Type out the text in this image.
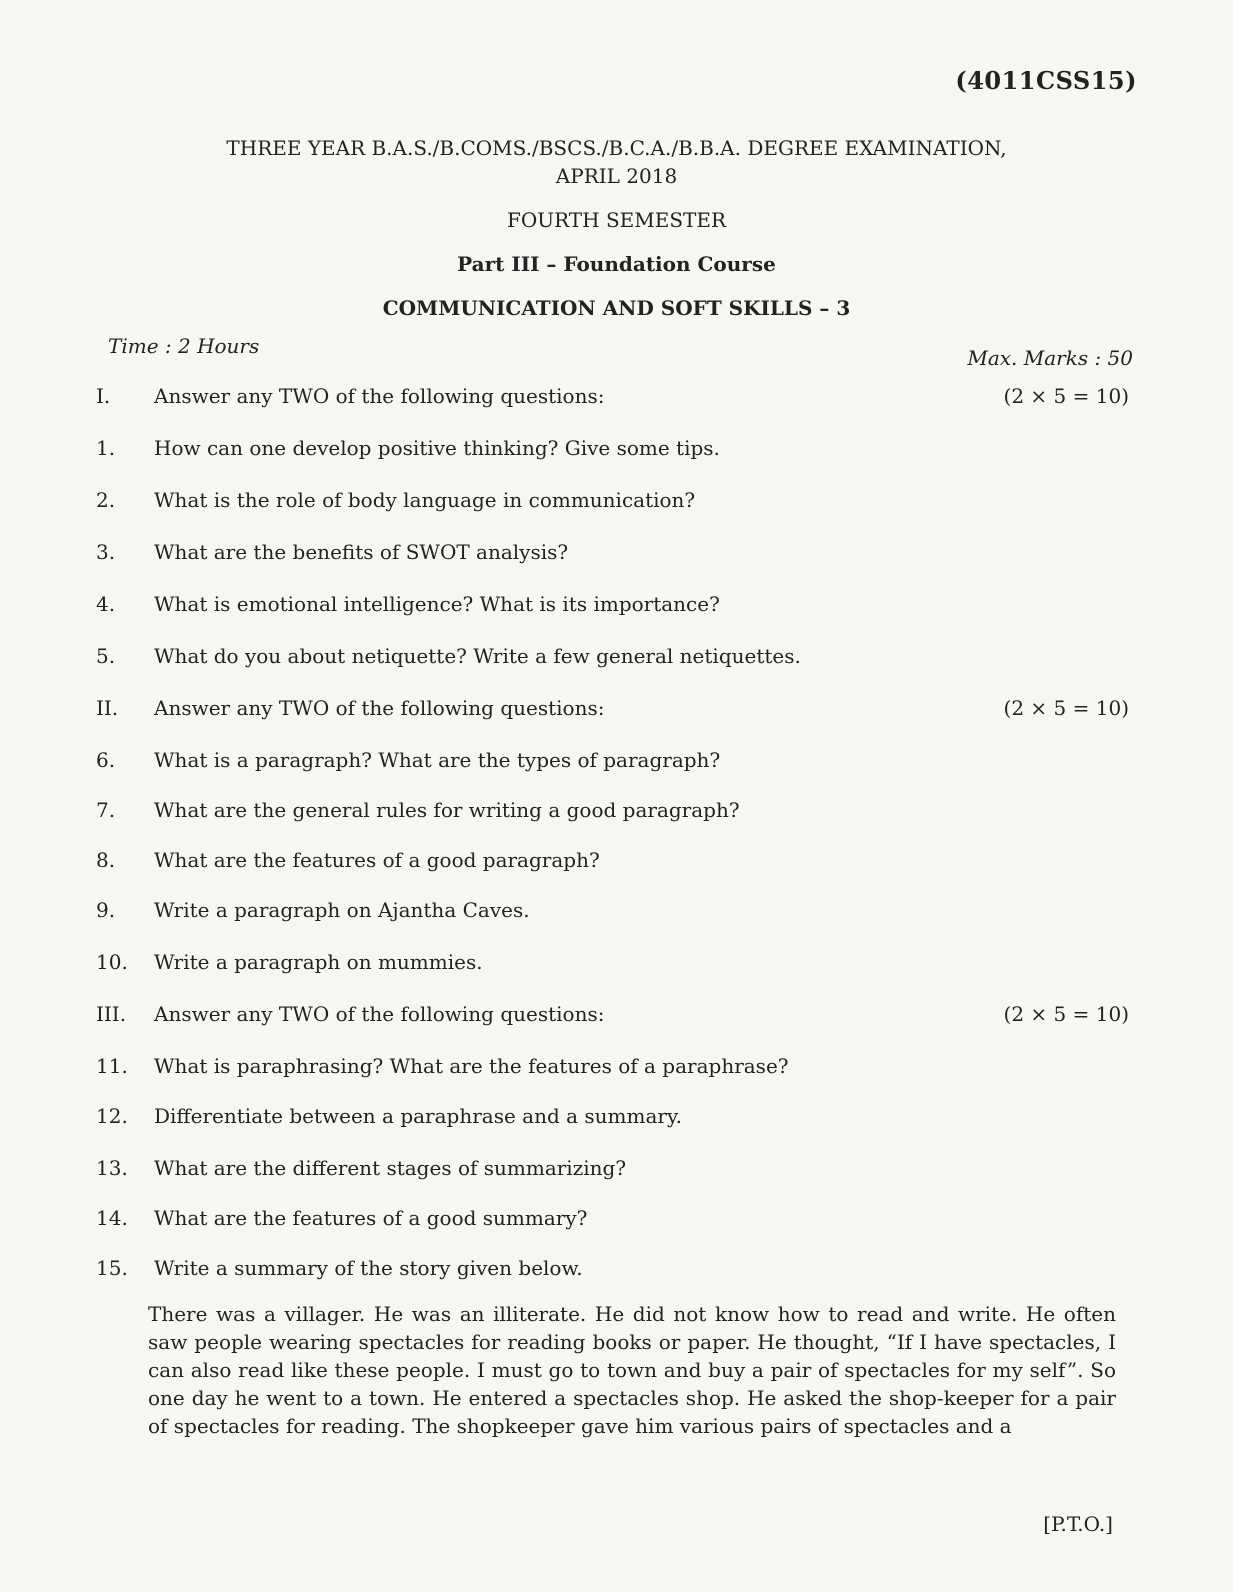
(4011CSS15)
THREE YEAR B.A.S./B.COMS./BSCS./B.C.A./B.B.A. DEGREE EXAMINATION,
APRIL 2018
FOURTH SEMESTER
Part III – Foundation Course
COMMUNICATION AND SOFT SKILLS – 3
Time : 2 Hours	Max. Marks : 50
I.	Answer any TWO of the following questions:	(2 × 5 = 10)
1.	How can one develop positive thinking? Give some tips.
2.	What is the role of body language in communication?
3.	What are the benefits of SWOT analysis?
4.	What is emotional intelligence? What is its importance?
5.	What do you about netiquette? Write a few general netiquettes.
II.	Answer any TWO of the following questions:	(2 × 5 = 10)
6.	What is a paragraph? What are the types of paragraph?
7.	What are the general rules for writing a good paragraph?
8.	What are the features of a good paragraph?
9.	Write a paragraph on Ajantha Caves.
10.	Write a paragraph on mummies.
III.	Answer any TWO of the following questions:	(2 × 5 = 10)
11.	What is paraphrasing? What are the features of a paraphrase?
12.	Differentiate between a paraphrase and a summary.
13.	What are the different stages of summarizing?
14.	What are the features of a good summary?
15.	Write a summary of the story given below.
There was a villager. He was an illiterate. He did not know how to read and write. He often saw people wearing spectacles for reading books or paper. He thought, “If I have spectacles, I can also read like these people. I must go to town and buy a pair of spectacles for my self”. So one day he went to a town. He entered a spectacles shop. He asked the shop-keeper for a pair of spectacles for reading. The shopkeeper gave him various pairs of spectacles and a
[P.T.O.]
